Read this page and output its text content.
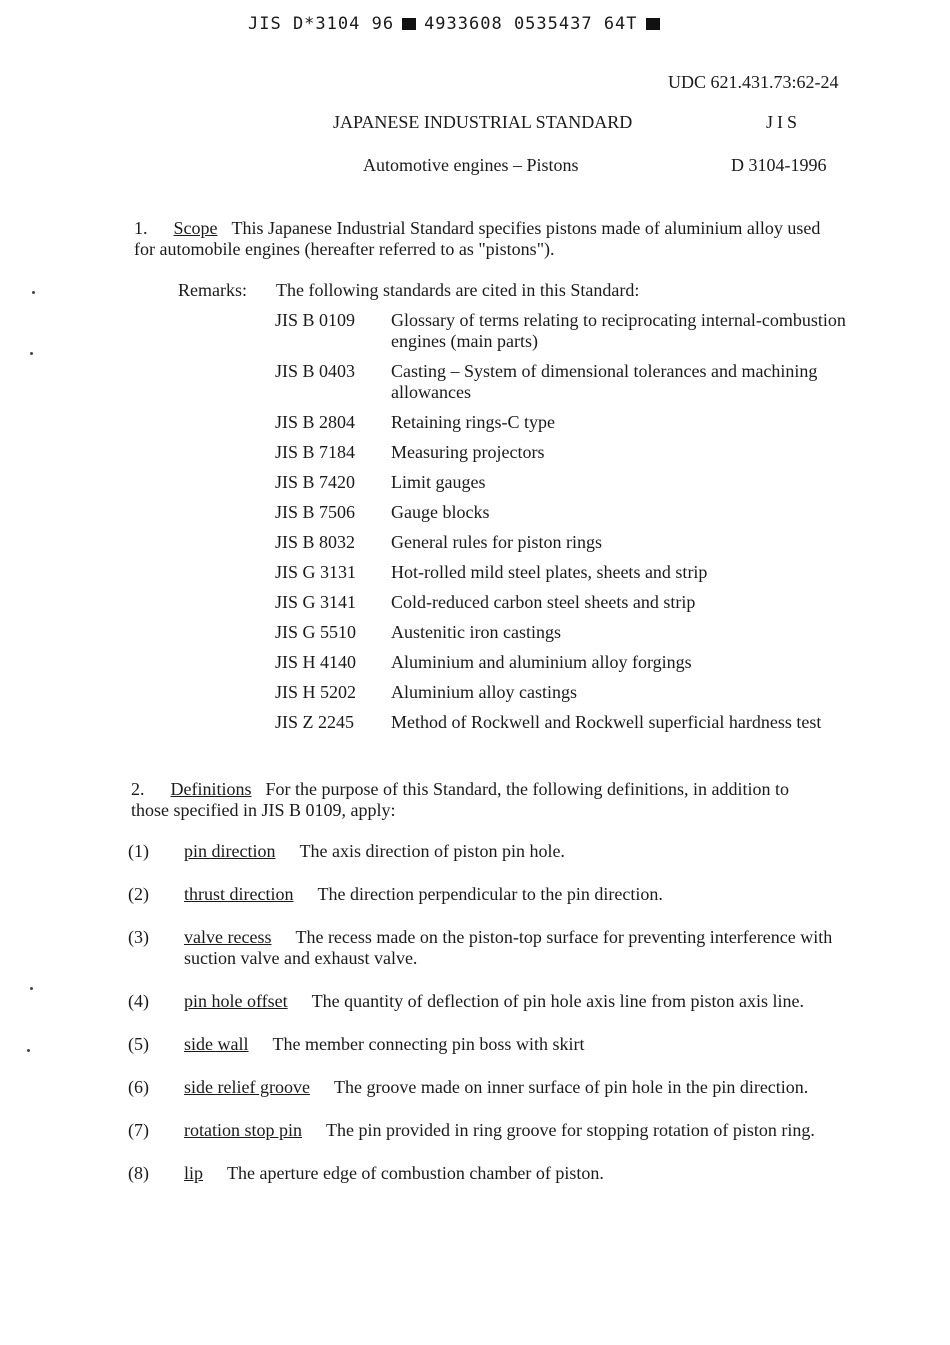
JIS D*3104 96 4933608 0535437 64T
UDC 621.431.73:62-24
JAPANESE INDUSTRIAL STANDARD	JIS
Automotive engines – Pistons	D 3104-1996
1. Scope This Japanese Industrial Standard specifies pistons made of aluminium alloy used for automobile engines (hereafter referred to as "pistons").
Remarks: The following standards are cited in this Standard:
JIS B 0109	Glossary of terms relating to reciprocating internal-combustion engines (main parts)
JIS B 0403	Casting – System of dimensional tolerances and machining allowances
JIS B 2804	Retaining rings-C type
JIS B 7184	Measuring projectors
JIS B 7420	Limit gauges
JIS B 7506	Gauge blocks
JIS B 8032	General rules for piston rings
JIS G 3131	Hot-rolled mild steel plates, sheets and strip
JIS G 3141	Cold-reduced carbon steel sheets and strip
JIS G 5510	Austenitic iron castings
JIS H 4140	Aluminium and aluminium alloy forgings
JIS H 5202	Aluminium alloy castings
JIS Z 2245	Method of Rockwell and Rockwell superficial hardness test
2. Definitions For the purpose of this Standard, the following definitions, in addition to those specified in JIS B 0109, apply:
(1)	pin direction The axis direction of piston pin hole.
(2)	thrust direction The direction perpendicular to the pin direction.
(3)	valve recess The recess made on the piston-top surface for preventing interference with suction valve and exhaust valve.
(4)	pin hole offset The quantity of deflection of pin hole axis line from piston axis line.
(5)	side wall The member connecting pin boss with skirt
(6)	side relief groove The groove made on inner surface of pin hole in the pin direction.
(7)	rotation stop pin The pin provided in ring groove for stopping rotation of piston ring.
(8)	lip The aperture edge of combustion chamber of piston.
